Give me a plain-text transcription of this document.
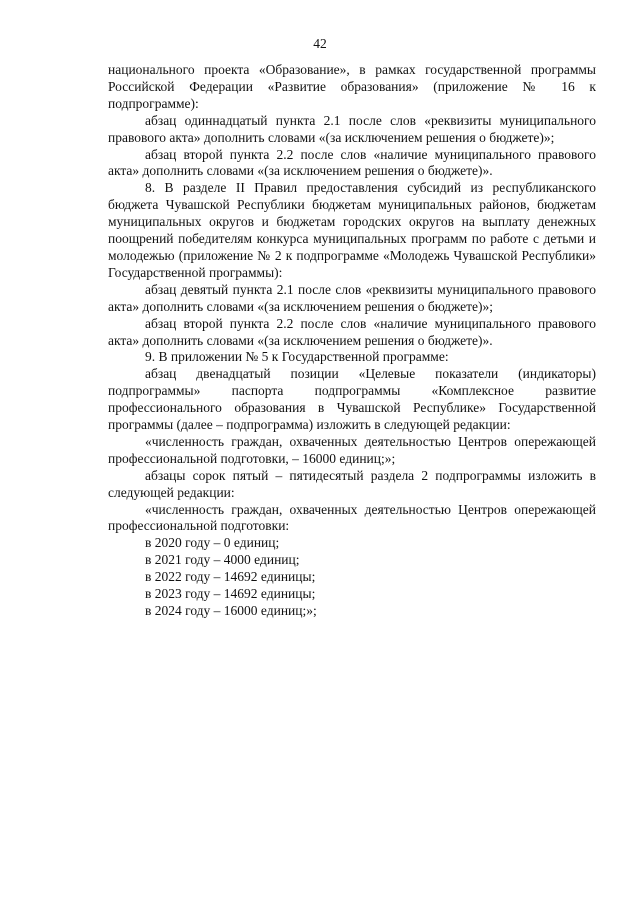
42

национального проекта «Образование», в рамках государственной программы Российской Федерации «Развитие образования» (приложение № 16 к подпрограмме):

абзац одиннадцатый пункта 2.1 после слов «реквизиты муниципального правового акта» дополнить словами «(за исключением решения о бюджете)»;

абзац второй пункта 2.2 после слов «наличие муниципального правового акта» дополнить словами «(за исключением решения о бюджете)».

8. В разделе II Правил предоставления субсидий из республиканского бюджета Чувашской Республики бюджетам муниципальных районов, бюджетам муниципальных округов и бюджетам городских округов на выплату денежных поощрений победителям конкурса муниципальных программ по работе с детьми и молодежью (приложение № 2 к подпрограмме «Молодежь Чувашской Республики» Государственной программы):

абзац девятый пункта 2.1 после слов «реквизиты муниципального правового акта» дополнить словами «(за исключением решения о бюджете)»;

абзац второй пункта 2.2 после слов «наличие муниципального правового акта» дополнить словами «(за исключением решения о бюджете)».

9. В приложении № 5 к Государственной программе:

абзац двенадцатый позиции «Целевые показатели (индикаторы) подпрограммы» паспорта подпрограммы «Комплексное развитие профессионального образования в Чувашской Республике» Государственной программы (далее – подпрограмма) изложить в следующей редакции:

«численность граждан, охваченных деятельностью Центров опережающей профессиональной подготовки, – 16000 единиц;»;

абзацы сорок пятый – пятидесятый раздела 2 подпрограммы изложить в следующей редакции:

«численность граждан, охваченных деятельностью Центров опережающей профессиональной подготовки:

в 2020 году – 0 единиц;

в 2021 году – 4000 единиц;

в 2022 году – 14692 единицы;

в 2023 году – 14692 единицы;

в 2024 году – 16000 единиц;»;
